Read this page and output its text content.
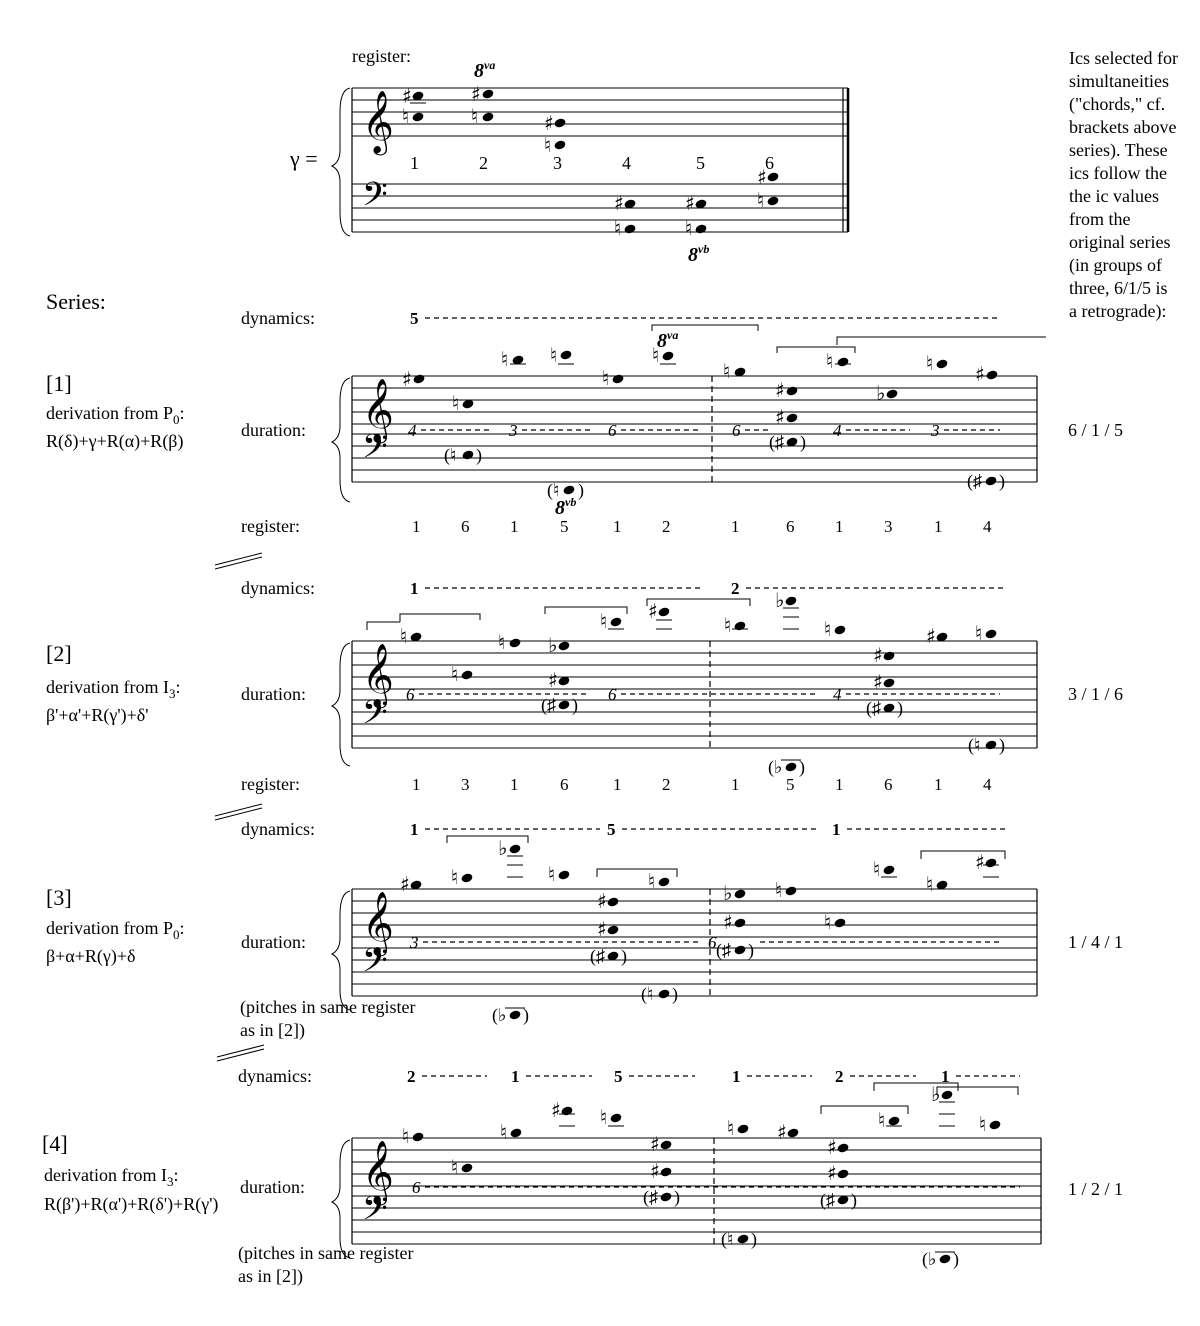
register:
γ =
𝄞
𝄢
1	2	3	4	5	6
$8^{va}$
$8^{vb}$
♯
♮
♯
♮	♯
♮
♯
♮
♯
♮
♯
♮
Ics selected for
simultaneities
("chords," cf.
brackets above
series). These
ics follow the
the ic values
from the
original series
(in groups of
three, 6/1/5 is
a retrograde):
Series:
dynamics:	5
[1]
derivation from $P_0$:
R(δ)+γ+R(α)+R(β)	𝄞
𝄢
duration:	4	3	6	6	4	3
$8^{va}$
$8^{vb}$
♯
♮
(♮ )
♮ ♮
(♮ )
♮
♮
♮
♯
♯
(♯ )
♮
♭
♮ ♯
(♯ )
register:	1 6 1 5	1 2	1	6 1 3 1 4
6 / 1 / 5
dynamics:	1	2
[2]
derivation from $I_3$:
β'+α'+R(γ')+δ'
𝄞
𝄢
duration:	6	6	4
♮
♮
♮ ♭
♯
(♯ )
♮ ♯
♮
♭
(♭ )
♮
♯
♯
(♯ )
♯ ♮
(♮ )
register:	1 3 1 6	1 2	1	5 1 6 1 4
3 / 1 / 6
dynamics:	1	5	1
[3]
derivation from $P_0$:
β+α+R(γ)+δ
𝄞
𝄢
duration:	3	6
(pitches in same register
as in [2])
♯ ♮
♭
(♭ )
♮
♯
♯
(♯ )
(♮ )
♮	♭
♯
(♯ )
♮
♮
♮
♮
♯
1 / 4 / 1
dynamics:	2	1	5	1	2	1
[4]
derivation from $I_3$:
R(β')+R(α')+R(δ')+R(γ')
𝄞
𝄢
duration:	6
(pitches in same register
as in [2])
♮
♮
♮
♯ ♮
♯
♯
(♯ )
(♮ )
♮ ♯
♯
♯
(♯ )
♮
♭
(♭ )
♮
1 / 2 / 1
